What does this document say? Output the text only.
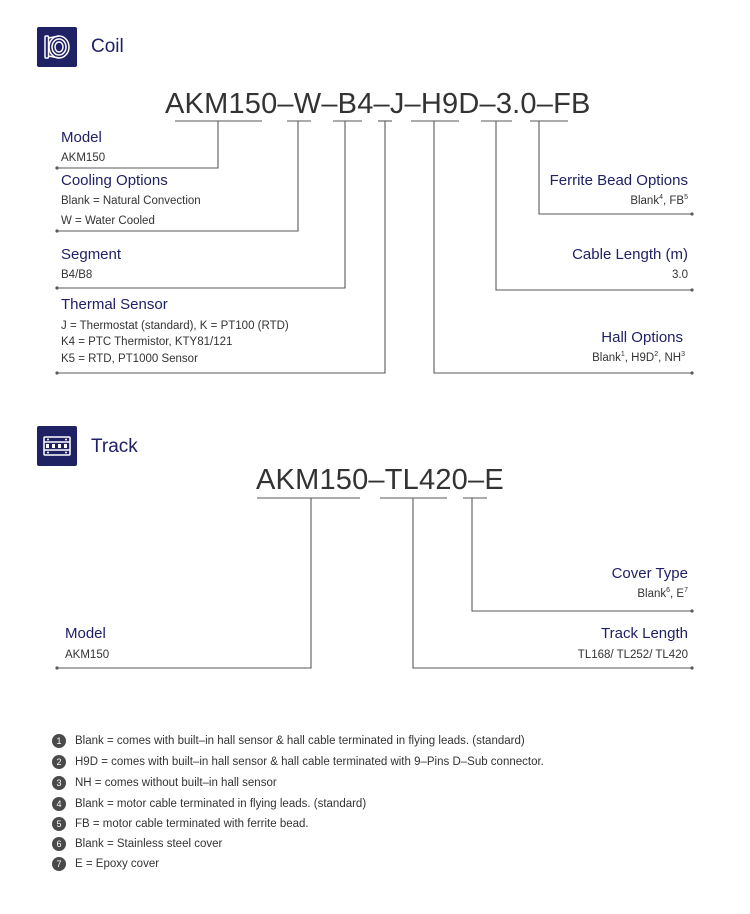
Coil
AKM150–W–B4–J–H9D–3.0–FB
Model
AKM150
Cooling Options
Blank = Natural Convection
W = Water Cooled
Segment
B4/B8
Thermal Sensor
J = Thermostat (standard), K = PT100 (RTD)
K4 = PTC Thermistor, KTY81/121
K5 = RTD, PT1000 Sensor
Ferrite Bead Options
Blank$^4$, $FB^5$
Cable Length (m)
3.0
Hall Options
Blank$^1$, $H9D^2$, $NH^3$
Track
AKM150–TL420–E
Cover Type
Blank$^6$, $E^7$
Model
AKM150
Track Length
TL168/ TL252/ TL420
1	Blank = comes with built–in hall sensor & hall cable terminated in flying leads. (standard)
2	H9D = comes with built–in hall sensor & hall cable terminated with 9–Pins D–Sub connector.
3	NH = comes without built–in hall sensor
4	Blank = motor cable terminated in flying leads. (standard)
5	FB = motor cable terminated with ferrite bead.
6	Blank = Stainless steel cover
7	E = Epoxy cover
